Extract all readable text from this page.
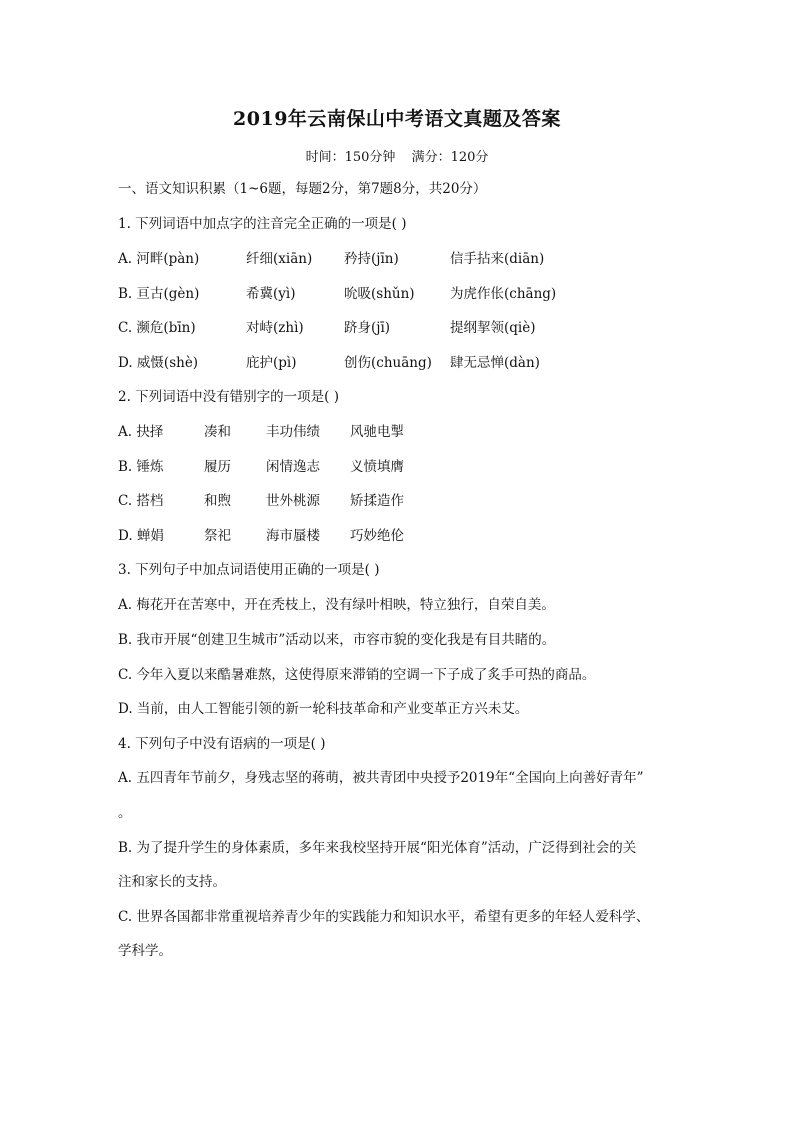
2019年云南保山中考语文真题及答案
时间：150分钟 满分：120分
一、语文知识积累（1~6题，每题2分，第7题8分，共20分）
1. 下列词语中加点字的注音完全正确的一项是( )
A. 河畔(pàn)	纤细(xiān) 矜持(jīn)	信手拈来(diān)
B. 亘古(gèn)	希冀(yì)	吮吸(shǔn)	为虎作伥(chāng)
C. 濒危(bīn)	对峙(zhì)	跻身(jī)	提纲挈领(qiè)
D. 威慑(shè)	庇护(pì)	创伤(chuāng) 肆无忌惮(dàn)
2. 下列词语中没有错别字的一项是( )
A. 抉择	凑和	丰功伟绩 风驰电掣
B. 锤炼	履历	闲情逸志 义愤填膺
C. 搭档	和煦	世外桃源 矫揉造作
D. 蝉娟	祭祀	海市蜃楼 巧妙绝伦
3. 下列句子中加点词语使用正确的一项是( )
A. 梅花开在苦寒中，开在秃枝上，没有绿叶相映，特立独行，自荣自美。
B. 我市开展“创建卫生城市”活动以来，市容市貌的变化我是有目共睹的。
C. 今年入夏以来酷暑难熬，这使得原来滞销的空调一下子成了炙手可热的商品。
D. 当前，由人工智能引领的新一轮科技革命和产业变革正方兴未艾。
4. 下列句子中没有语病的一项是( )
A. 五四青年节前夕，身残志坚的蒋萌，被共青团中央授予2019年“全国向上向善好青年”
。
B. 为了提升学生的身体素质，多年来我校坚持开展“阳光体育”活动，广泛得到社会的关
注和家长的支持。
C. 世界各国都非常重视培养青少年的实践能力和知识水平，希望有更多的年轻人爱科学、
学科学。
